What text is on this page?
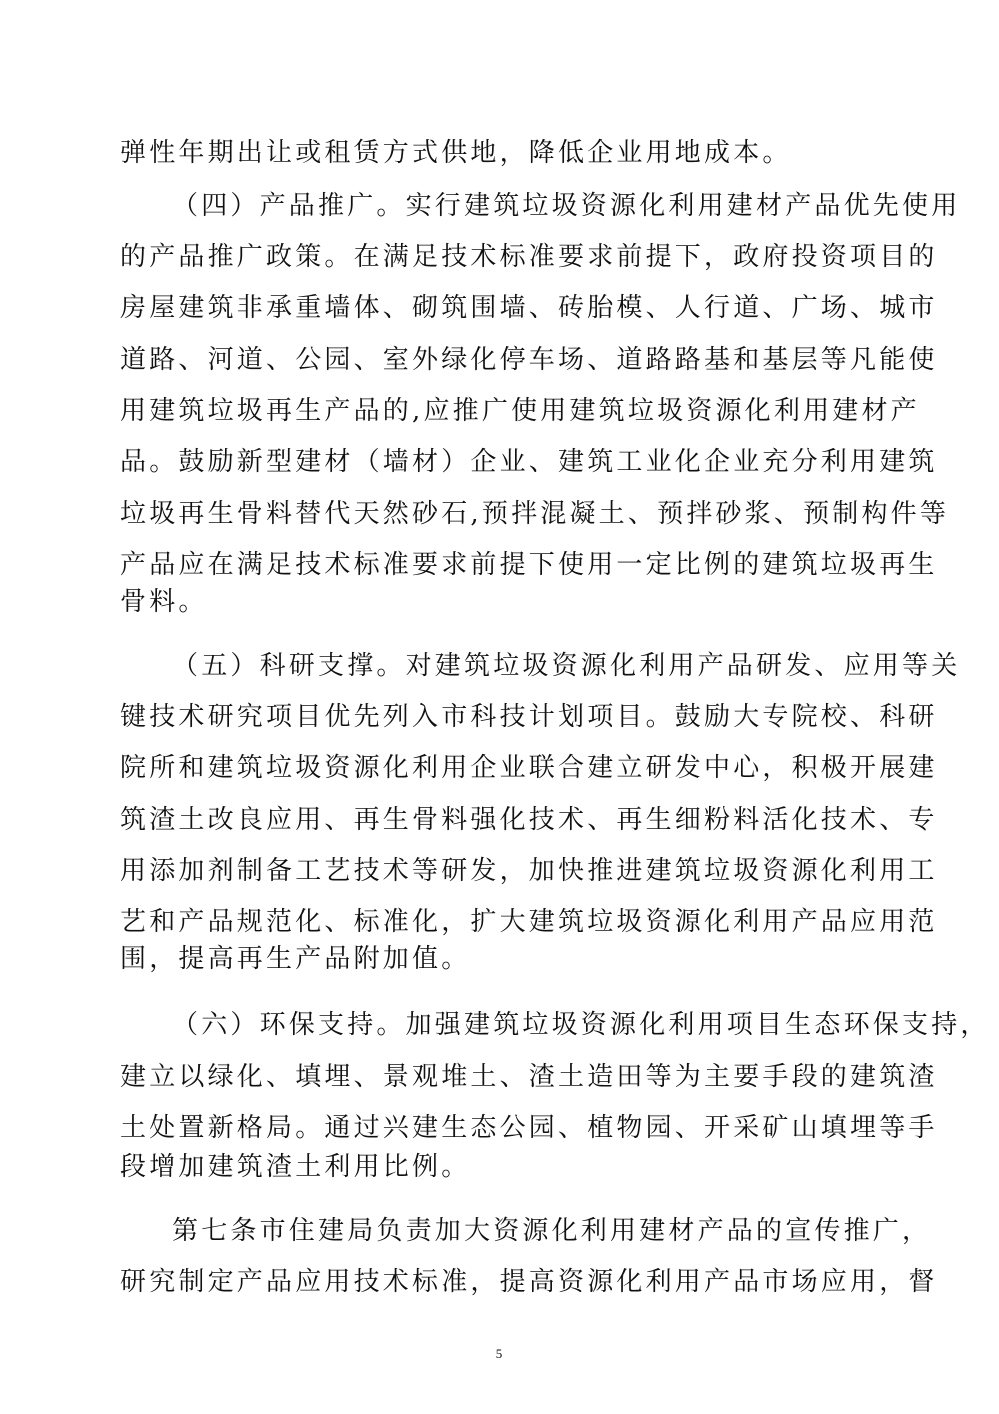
弹性年期出让或租赁方式供地，降低企业用地成本。
（四）产品推广。实行建筑垃圾资源化利用建材产品优先使用
的产品推广政策。在满足技术标准要求前提下，政府投资项目的
房屋建筑非承重墙体、砌筑围墙、砖胎模、人行道、广场、城市
道路、河道、公园、室外绿化停车场、道路路基和基层等凡能使
用建筑垃圾再生产品的,应推广使用建筑垃圾资源化利用建材产
品。鼓励新型建材（墙材）企业、建筑工业化企业充分利用建筑
垃圾再生骨料替代天然砂石,预拌混凝土、预拌砂浆、预制构件等
产品应在满足技术标准要求前提下使用一定比例的建筑垃圾再生
骨料。
（五）科研支撑。对建筑垃圾资源化利用产品研发、应用等关
键技术研究项目优先列入市科技计划项目。鼓励大专院校、科研
院所和建筑垃圾资源化利用企业联合建立研发中心，积极开展建
筑渣土改良应用、再生骨料强化技术、再生细粉料活化技术、专
用添加剂制备工艺技术等研发，加快推进建筑垃圾资源化利用工
艺和产品规范化、标准化，扩大建筑垃圾资源化利用产品应用范
围，提高再生产品附加值。
（六）环保支持。加强建筑垃圾资源化利用项目生态环保支持，
建立以绿化、填埋、景观堆土、渣土造田等为主要手段的建筑渣
土处置新格局。通过兴建生态公园、植物园、开采矿山填埋等手
段增加建筑渣土利用比例。
第七条市住建局负责加大资源化利用建材产品的宣传推广，
研究制定产品应用技术标准，提高资源化利用产品市场应用，督
5
